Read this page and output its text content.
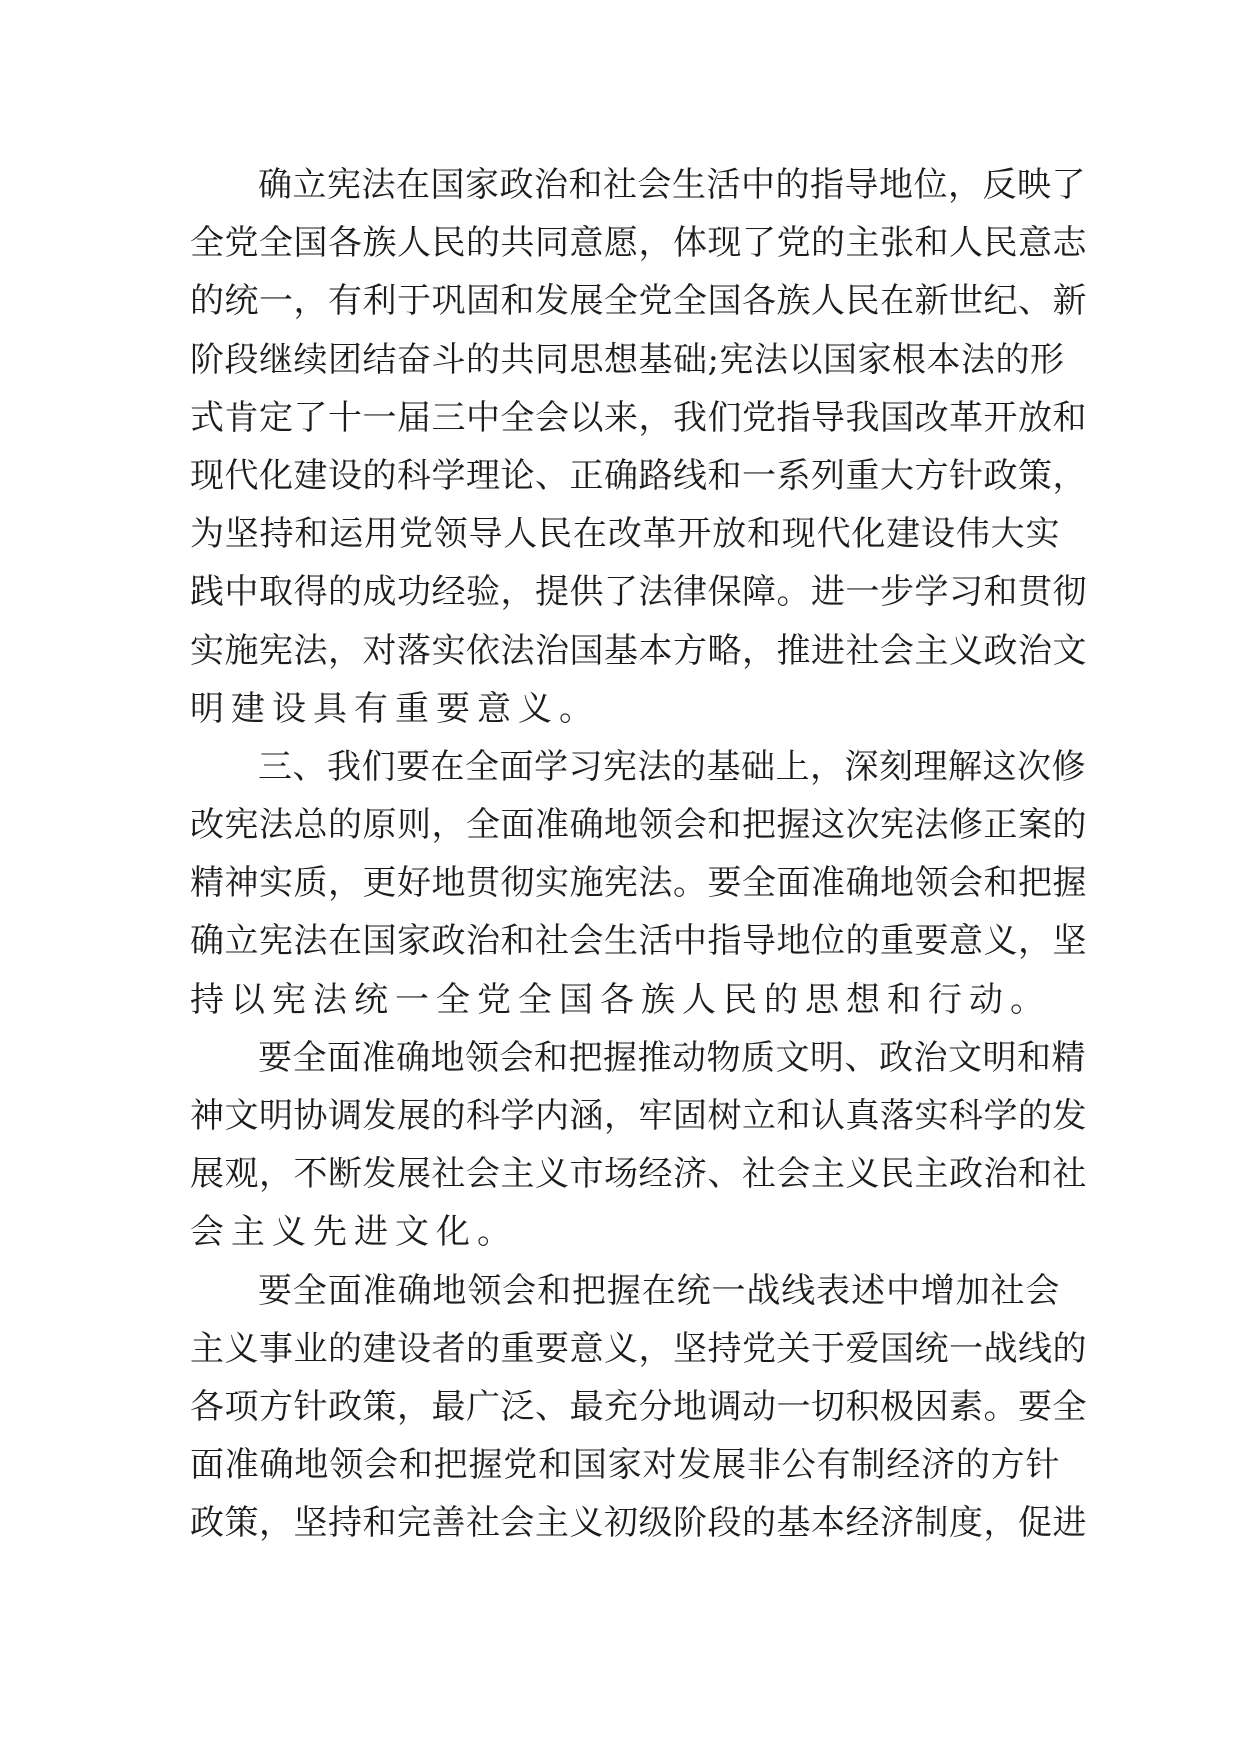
确立宪法在国家政治和社会生活中的指导地位，反映了
全党全国各族人民的共同意愿，体现了党的主张和人民意志
的统一，有利于巩固和发展全党全国各族人民在新世纪、新
阶段继续团结奋斗的共同思想基础;宪法以国家根本法的形
式肯定了十一届三中全会以来，我们党指导我国改革开放和
现代化建设的科学理论、正确路线和一系列重大方针政策，
为坚持和运用党领导人民在改革开放和现代化建设伟大实
践中取得的成功经验，提供了法律保障。进一步学习和贯彻
实施宪法，对落实依法治国基本方略，推进社会主义政治文
明建设具有重要意义。
三、我们要在全面学习宪法的基础上，深刻理解这次修
改宪法总的原则，全面准确地领会和把握这次宪法修正案的
精神实质，更好地贯彻实施宪法。要全面准确地领会和把握
确立宪法在国家政治和社会生活中指导地位的重要意义，坚
持以宪法统一全党全国各族人民的思想和行动。
要全面准确地领会和把握推动物质文明、政治文明和精
神文明协调发展的科学内涵，牢固树立和认真落实科学的发
展观，不断发展社会主义市场经济、社会主义民主政治和社
会主义先进文化。
要全面准确地领会和把握在统一战线表述中增加社会
主义事业的建设者的重要意义，坚持党关于爱国统一战线的
各项方针政策，最广泛、最充分地调动一切积极因素。要全
面准确地领会和把握党和国家对发展非公有制经济的方针
政策，坚持和完善社会主义初级阶段的基本经济制度，促进
